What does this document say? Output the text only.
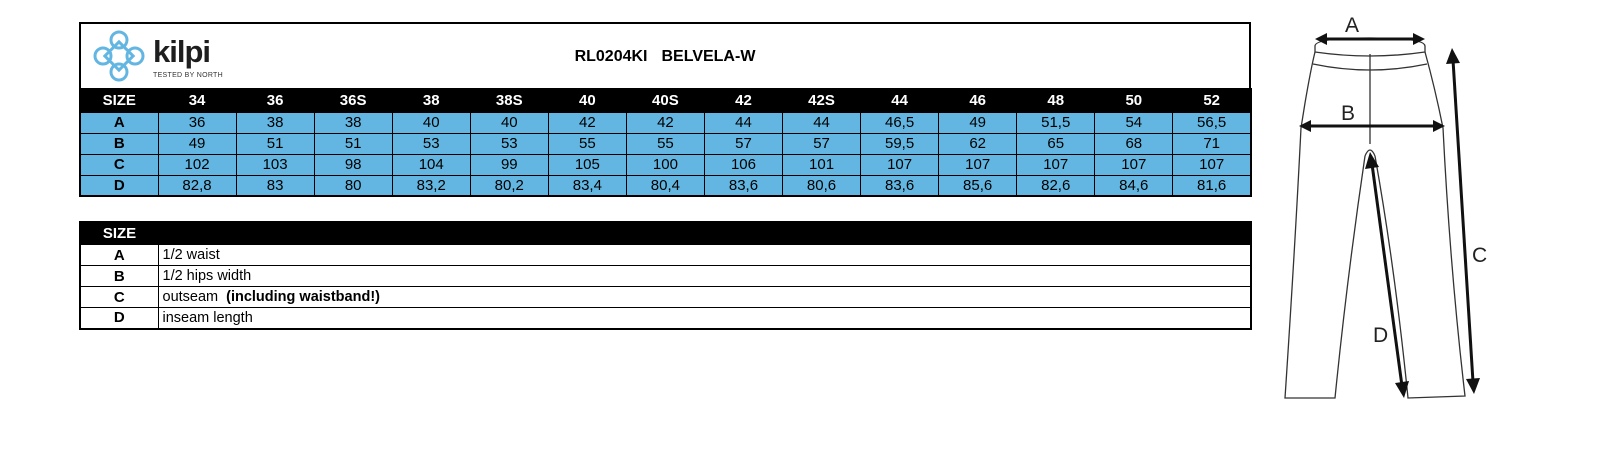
kilpi
TESTED BY NORTH
RL0204KI BELVELA-W
SIZE	34	36	36S	38	38S	40	40S	42	42S	44	46	48	50	52
A	36	38	38	40	40	42	42	44	44	46,5	49	51,5	54	56,5
B	49	51	51	53	53	55	55	57	57	59,5	62	65	68	71
C	102	103	98	104	99	105	100	106	101	107	107	107	107	107
D	82,8	83	80	83,2	80,2	83,4	80,4	83,6	80,6	83,6	85,6	82,6	84,6	81,6
SIZE	
A	1/2 waist
B	1/2 hips width
C	outseam (including waistband!)
D	inseam length
A
B
C
D
